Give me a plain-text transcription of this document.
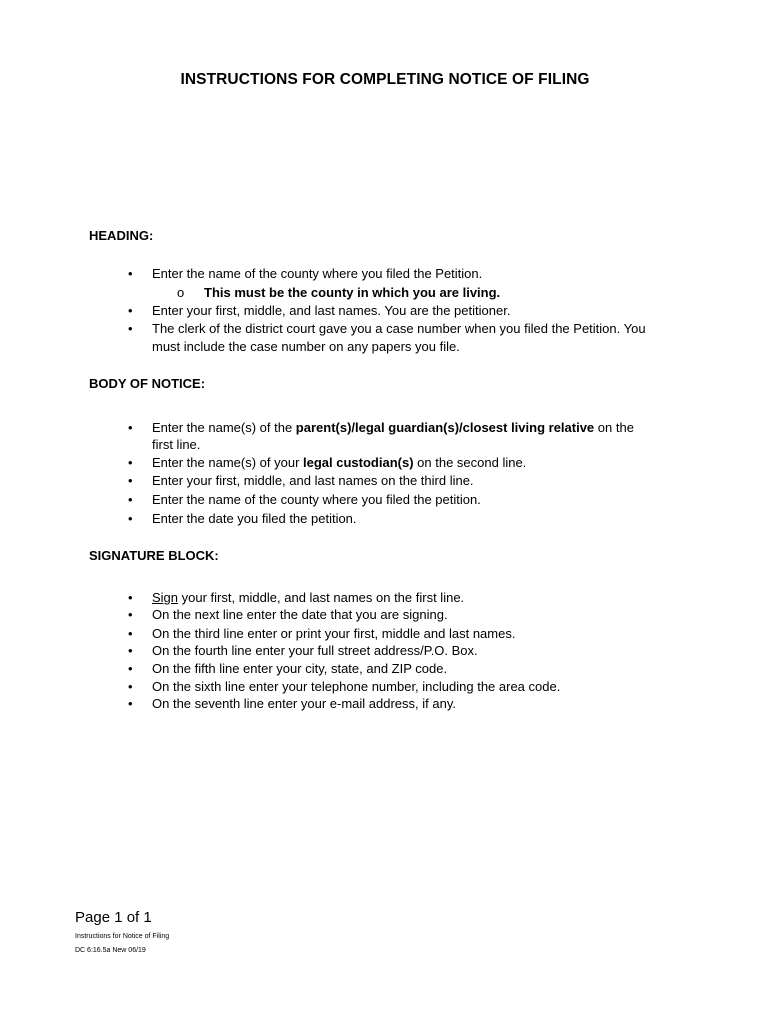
INSTRUCTIONS FOR COMPLETING NOTICE OF FILING
HEADING:
• Enter the name of the county where you filed the Petition.
o This must be the county in which you are living.
• Enter your first, middle, and last names. You are the petitioner.
• The clerk of the district court gave you a case number when you filed the Petition. You
must include the case number on any papers you file.
BODY OF NOTICE:
• Enter the name(s) of the parent(s)/legal guardian(s)/closest living relative on the
first line.
• Enter the name(s) of your legal custodian(s) on the second line.
• Enter your first, middle, and last names on the third line.
• Enter the name of the county where you filed the petition.
• Enter the date you filed the petition.
SIGNATURE BLOCK:
• Sign your first, middle, and last names on the first line.
• On the next line enter the date that you are signing.
• On the third line enter or print your first, middle and last names.
• On the fourth line enter your full street address/P.O. Box.
• On the fifth line enter your city, state, and ZIP code.
• On the sixth line enter your telephone number, including the area code.
• On the seventh line enter your e-mail address, if any.
Page 1 of 1
Instructions for Notice of Filing
DC 6:16.5a New 06/19
